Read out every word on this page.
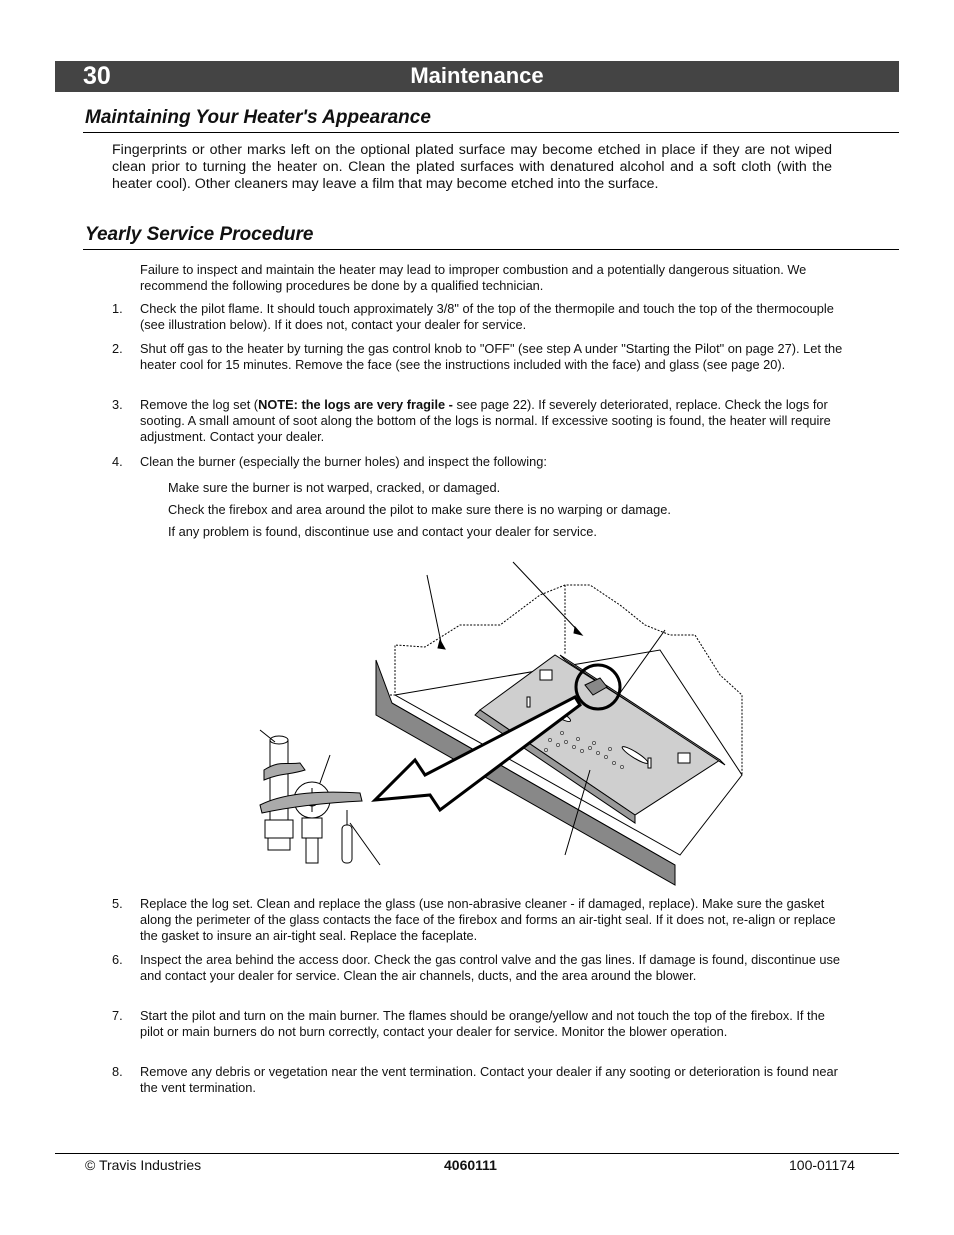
30	Maintenance
Maintaining Your Heater's Appearance
Fingerprints or other marks left on the optional plated surface may become etched in place if they are not wiped clean prior to turning the heater on. Clean the plated surfaces with denatured alcohol and a soft cloth (with the heater cool). Other cleaners may leave a film that may become etched into the surface.
Yearly Service Procedure
Failure to inspect and maintain the heater may lead to improper combustion and a potentially dangerous situation. We recommend the following procedures be done by a qualified technician.
1.	Check the pilot flame. It should touch approximately 3/8" of the top of the thermopile and touch the top of the thermocouple (see illustration below). If it does not, contact your dealer for service.
2.	Shut off gas to the heater by turning the gas control knob to "OFF" (see step A under "Starting the Pilot" on page 27). Let the heater cool for 15 minutes. Remove the face (see the instructions included with the face) and glass (see page 20).
3.	Remove the log set (NOTE: the logs are very fragile - see page 22). If severely deteriorated, replace. Check the logs for sooting. A small amount of soot along the bottom of the logs is normal. If excessive sooting is found, the heater will require adjustment. Contact your dealer.
4.	Clean the burner (especially the burner holes) and inspect the following:
Make sure the burner is not warped, cracked, or damaged.
Check the firebox and area around the pilot to make sure there is no warping or damage.
If any problem is found, discontinue use and contact your dealer for service.
5.	Replace the log set. Clean and replace the glass (use non-abrasive cleaner - if damaged, replace). Make sure the gasket along the perimeter of the glass contacts the face of the firebox and forms an air-tight seal. If it does not, re-align or replace the gasket to insure an air-tight seal. Replace the faceplate.
6.	Inspect the area behind the access door. Check the gas control valve and the gas lines. If damage is found, discontinue use and contact your dealer for service. Clean the air channels, ducts, and the area around the blower.
7.	Start the pilot and turn on the main burner. The flames should be orange/yellow and not touch the top of the firebox. If the pilot or main burners do not burn correctly, contact your dealer for service. Monitor the blower operation.
8.	Remove any debris or vegetation near the vent termination. Contact your dealer if any sooting or deterioration is found near the vent termination.
© Travis Industries	4060111	100-01174
